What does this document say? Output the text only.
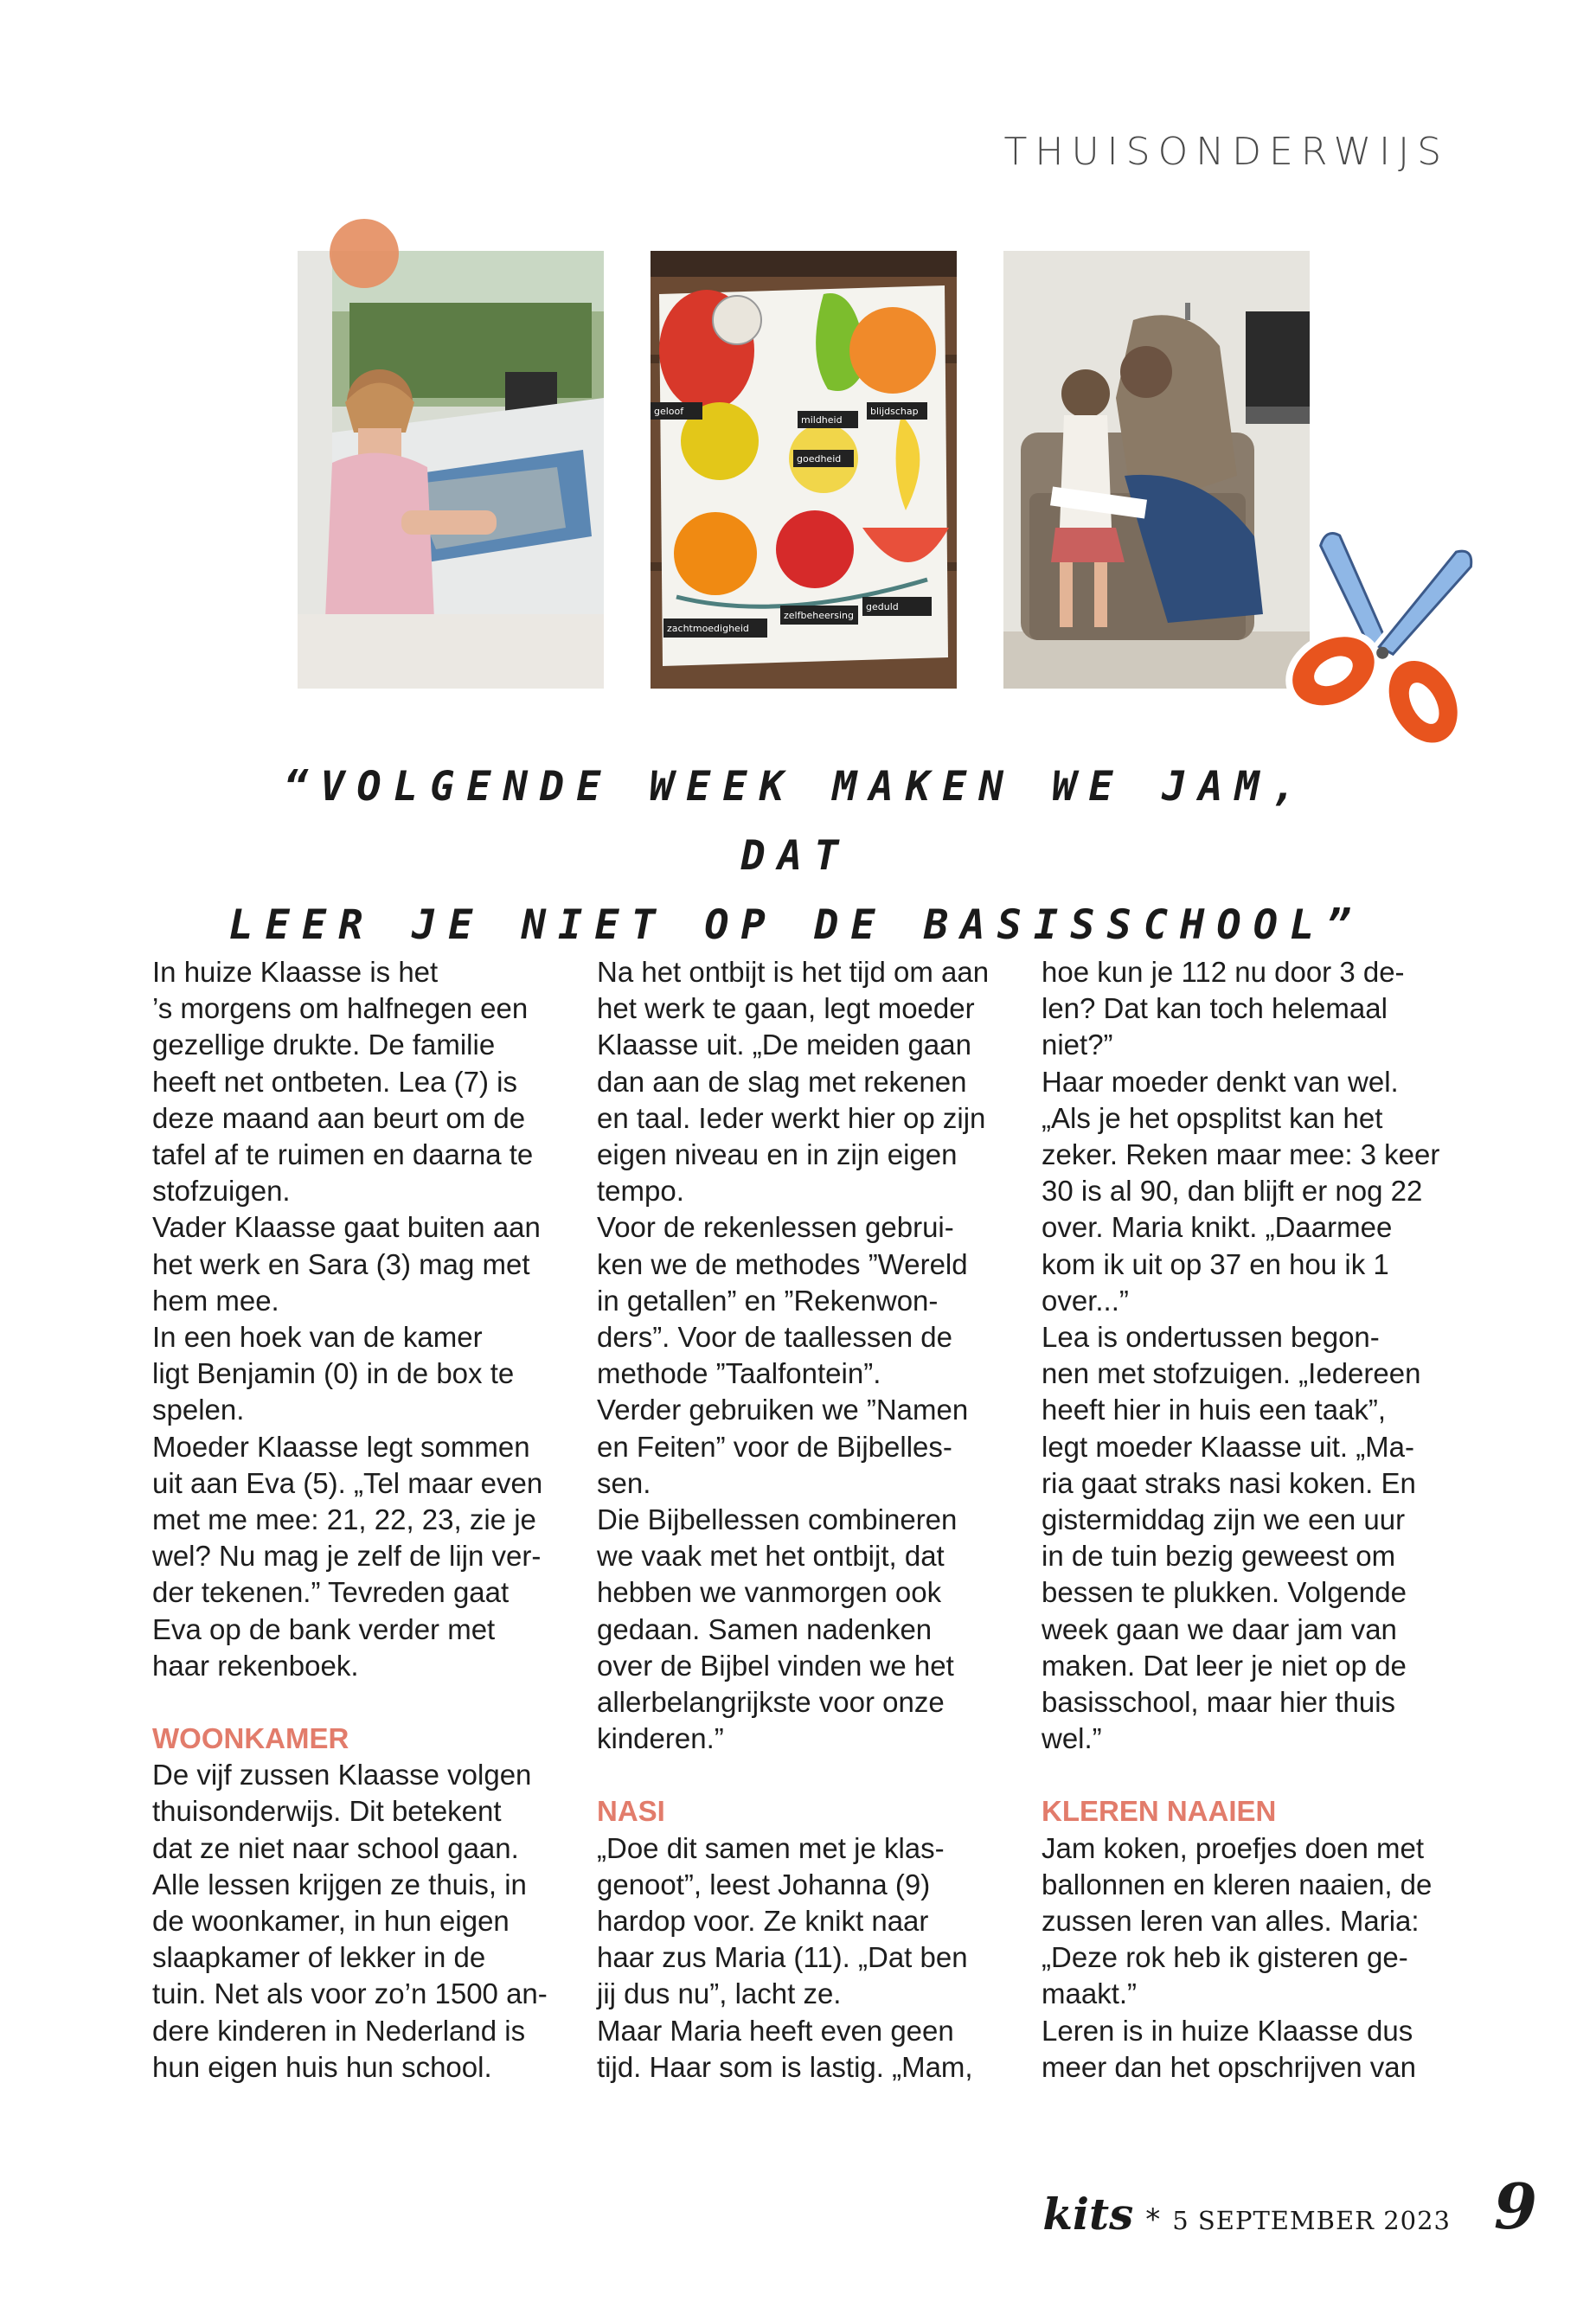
THUISONDERWIJS
geloof
mildheid
blijdschap
goedheid
zachtmoedigheid
zelfbeheersing
geduld
“VOLGENDE WEEK MAKEN WE JAM, DAT
LEER JE NIET OP DE BASISSCHOOL”
In huize Klaasse is het
’s morgens om halfnegen een
gezellige drukte. De familie
heeft net ontbeten. Lea (7) is
deze maand aan beurt om de
tafel af te ruimen en daarna te
stofzuigen.
Vader Klaasse gaat buiten aan
het werk en Sara (3) mag met
hem mee.
In een hoek van de kamer
ligt Benjamin (0) in de box te
spelen.
Moeder Klaasse legt sommen
uit aan Eva (5). „Tel maar even
met me mee: 21, 22, 23, zie je
wel? Nu mag je zelf de lijn ver-
der tekenen.” Tevreden gaat
Eva op de bank verder met
haar rekenboek.
WOONKAMER
De vijf zussen Klaasse volgen
thuisonderwijs. Dit betekent
dat ze niet naar school gaan.
Alle lessen krijgen ze thuis, in
de woonkamer, in hun eigen
slaapkamer of lekker in de
tuin. Net als voor zo’n 1500 an-
dere kinderen in Nederland is
hun eigen huis hun school.
Na het ontbijt is het tijd om aan
het werk te gaan, legt moeder
Klaasse uit. „De meiden gaan
dan aan de slag met rekenen
en taal. Ieder werkt hier op zijn
eigen niveau en in zijn eigen
tempo.
Voor de rekenlessen gebrui-
ken we de methodes ”Wereld
in getallen” en ”Rekenwon-
ders”. Voor de taallessen de
methode ”Taalfontein”.
Verder gebruiken we ”Namen
en Feiten” voor de Bijbelles-
sen.
Die Bijbellessen combineren
we vaak met het ontbijt, dat
hebben we vanmorgen ook
gedaan. Samen nadenken
over de Bijbel vinden we het
allerbelangrijkste voor onze
kinderen.”
NASI
„Doe dit samen met je klas-
genoot”, leest Johanna (9)
hardop voor. Ze knikt naar
haar zus Maria (11). „Dat ben
jij dus nu”, lacht ze.
Maar Maria heeft even geen
tijd. Haar som is lastig. „Mam,
hoe kun je 112 nu door 3 de-
len? Dat kan toch helemaal
niet?”
Haar moeder denkt van wel.
„Als je het opsplitst kan het
zeker. Reken maar mee: 3 keer
30 is al 90, dan blijft er nog 22
over. Maria knikt. „Daarmee
kom ik uit op 37 en hou ik 1
over...”
Lea is ondertussen begon-
nen met stofzuigen. „Iedereen
heeft hier in huis een taak”,
legt moeder Klaasse uit. „Ma-
ria gaat straks nasi koken. En
gistermiddag zijn we een uur
in de tuin bezig geweest om
bessen te plukken. Volgende
week gaan we daar jam van
maken. Dat leer je niet op de
basisschool, maar hier thuis
wel.”
KLEREN NAAIEN
Jam koken, proefjes doen met
ballonnen en kleren naaien, de
zussen leren van alles. Maria:
„Deze rok heb ik gisteren ge-
maakt.”
Leren is in huize Klaasse dus
meer dan het opschrijven van
kits * 5 SEPTEMBER 2023 9
